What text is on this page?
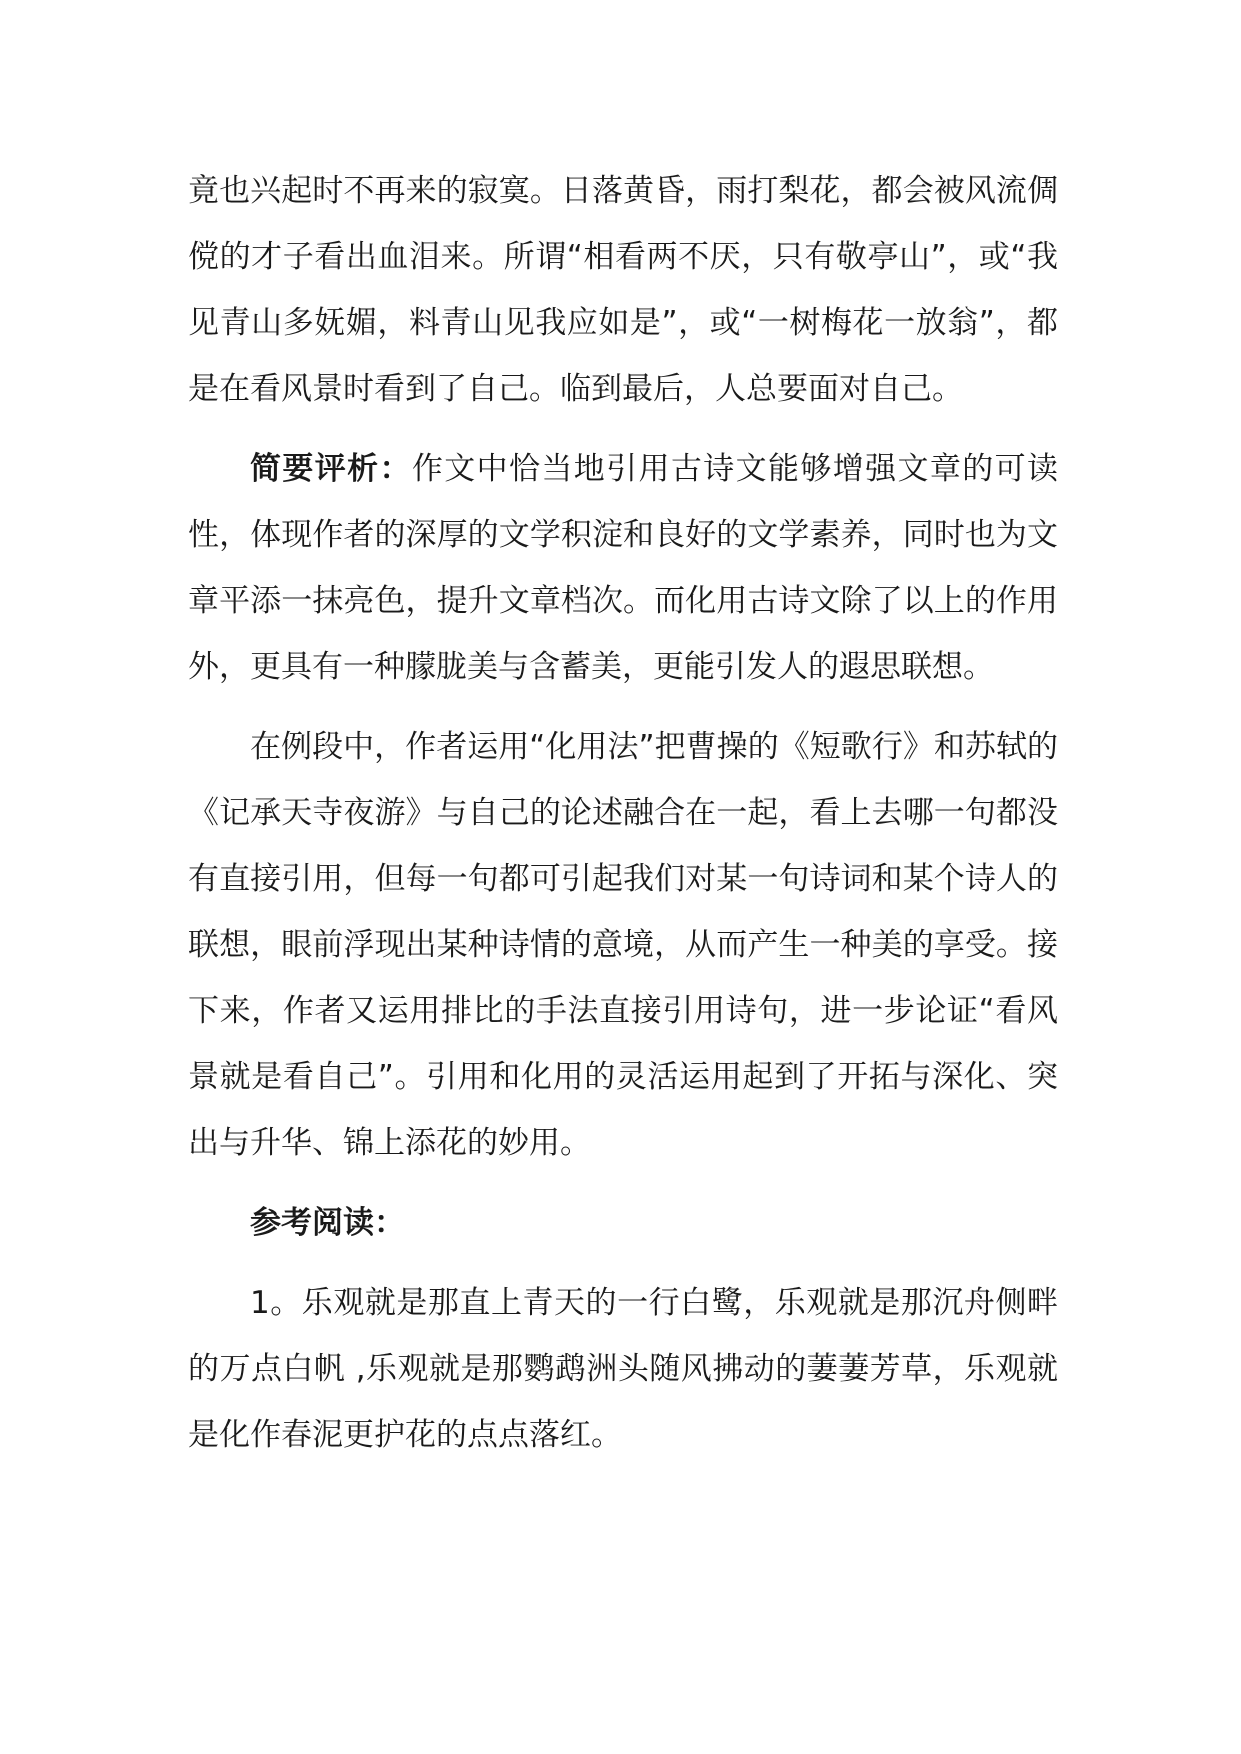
竟也兴起时不再来的寂寞。日落黄昏，雨打梨花，都会被风流倜傥的才子看出血泪来。所谓“相看两不厌，只有敬亭山”，或“我见青山多妩媚，料青山见我应如是”，或“一树梅花一放翁”，都是在看风景时看到了自己。临到最后，人总要面对自己。

简要评析：作文中恰当地引用古诗文能够增强文章的可读性，体现作者的深厚的文学积淀和良好的文学素养，同时也为文章平添一抹亮色，提升文章档次。而化用古诗文除了以上的作用外，更具有一种朦胧美与含蓄美，更能引发人的遐思联想。

在例段中，作者运用“化用法”把曹操的《短歌行》和苏轼的《记承天寺夜游》与自己的论述融合在一起，看上去哪一句都没有直接引用，但每一句都可引起我们对某一句诗词和某个诗人的联想，眼前浮现出某种诗情的意境，从而产生一种美的享受。接下来，作者又运用排比的手法直接引用诗句，进一步论证“看风景就是看自己”。引用和化用的灵活运用起到了开拓与深化、突出与升华、锦上添花的妙用。

参考阅读：

1。乐观就是那直上青天的一行白鹭，乐观就是那沉舟侧畔的万点白帆 ,乐观就是那鹦鹉洲头随风拂动的萋萋芳草，乐观就是化作春泥更护花的点点落红。
